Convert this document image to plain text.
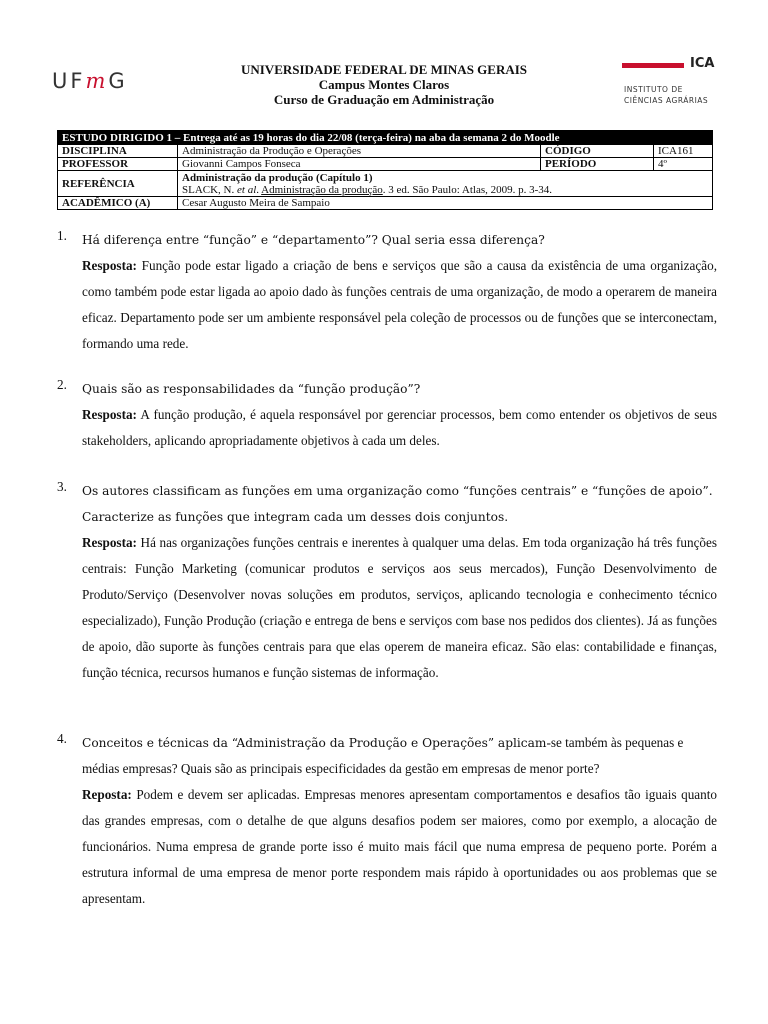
UFmG
ICA
INSTITUTO DE
CIÊNCIAS AGRÁRIAS
UNIVERSIDADE FEDERAL DE MINAS GERAIS
Campus Montes Claros
Curso de Graduação em Administração
ESTUDO DIRIGIDO 1 – Entrega até as 19 horas do dia 22/08 (terça-feira) na aba da semana 2 do Moodle			
DISCIPLINA	Administração da Produção e Operações	CÓDIGO	ICA161
PROFESSOR	Giovanni Campos Fonseca	PERÍODO	4º
REFERÊNCIA	Administração da produção (Capítulo 1)
SLACK, N. et al. Administração da produção. 3 ed. São Paulo: Atlas, 2009. p. 3-34.		

ACADÊMICO (A)	Cesar Augusto Meira de Sampaio		
1. Há diferença entre “função” e “departamento”? Qual seria essa diferença?
Resposta: Função pode estar ligado a criação de bens e serviços que são a causa da existência de uma organização, como também pode estar ligada ao apoio dado às funções centrais de uma organização, de modo a operarem de maneira eficaz. Departamento pode ser um ambiente responsável pela coleção de processos ou de funções que se interconectam, formando uma rede.
2. Quais são as responsabilidades da “função produção”?
Resposta: A função produção, é aquela responsável por gerenciar processos, bem como entender os objetivos de seus stakeholders, aplicando apropriadamente objetivos à cada um deles.
3. Os autores classificam as funções em uma organização como “funções centrais” e “funções de apoio”. Caracterize as funções que integram cada um desses dois conjuntos.
Resposta: Há nas organizações funções centrais e inerentes à qualquer uma delas. Em toda organização há três funções centrais: Função Marketing (comunicar produtos e serviços aos seus mercados), Função Desenvolvimento de Produto/Serviço (Desenvolver novas soluções em produtos, serviços, aplicando tecnologia e conhecimento técnico especializado), Função Produção (criação e entrega de bens e serviços com base nos pedidos dos clientes). Já as funções de apoio, dão suporte às funções centrais para que elas operem de maneira eficaz. São elas: contabilidade e finanças, função técnica, recursos humanos e função sistemas de informação.
4. Conceitos e técnicas da “Administração da Produção e Operações” aplicam-se também às pequenas e médias empresas? Quais são as principais especificidades da gestão em empresas de menor porte?
Reposta: Podem e devem ser aplicadas. Empresas menores apresentam comportamentos e desafios tão iguais quanto das grandes empresas, com o detalhe de que alguns desafios podem ser maiores, como por exemplo, a alocação de funcionários. Numa empresa de grande porte isso é muito mais fácil que numa empresa de pequeno porte. Porém a estrutura informal de uma empresa de menor porte respondem mais rápido à oportunidades ou aos problemas que se apresentam.
